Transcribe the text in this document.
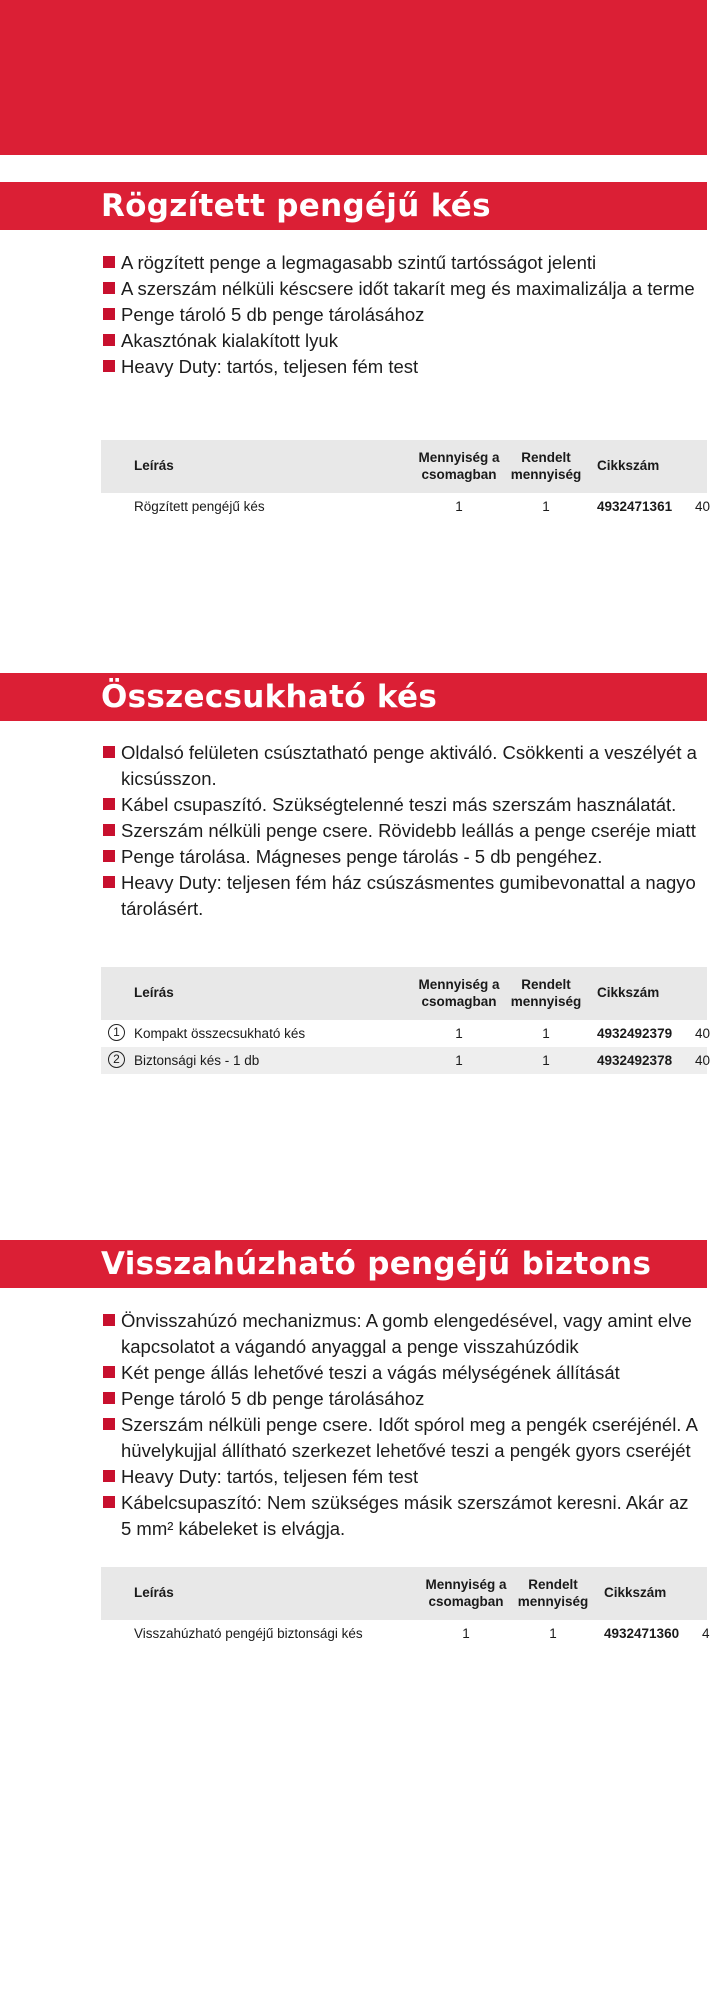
Rögzített pengéjű kés
A rögzített penge a legmagasabb szintű tartósságot jelenti
A szerszám nélküli késcsere időt takarít meg és maximalizálja a terme
Penge tároló 5 db penge tárolásához
Akasztónak kialakított lyuk
Heavy Duty: tartós, teljesen fém test
Leírás
Mennyiség a
csomagban
Rendelt
mennyiség
Cikkszám
Rögzített pengéjű kés	1	1	4932471361 40
Összecsukható kés
Oldalsó felületen csúsztatható penge aktiváló. Csökkenti a veszélyét a
kicsússzon.
Kábel csupaszító. Szükségtelenné teszi más szerszám használatát.
Szerszám nélküli penge csere. Rövidebb leállás a penge cseréje miatt
Penge tárolása. Mágneses penge tárolás - 5 db pengéhez.
Heavy Duty: teljesen fém ház csúszásmentes gumibevonattal a nagyo
tárolásért.
Leírás
Mennyiség a
csomagban
Rendelt
mennyiség
Cikkszám
1	Kompakt összecsukható kés	1	1	4932492379 40
2	Biztonsági kés - 1 db	1	1	4932492378 40
Visszahúzható pengéjű biztons
Önvisszahúzó mechanizmus: A gomb elengedésével, vagy amint elve
kapcsolatot a vágandó anyaggal a penge visszahúzódik
Két penge állás lehetővé teszi a vágás mélységének állítását
Penge tároló 5 db penge tárolásához
Szerszám nélküli penge csere. Időt spórol meg a pengék cseréjénél. A
hüvelykujjal állítható szerkezet lehetővé teszi a pengék gyors cseréjét
Heavy Duty: tartós, teljesen fém test
Kábelcsupaszító: Nem szükséges másik szerszámot keresni. Akár az
5 mm² kábeleket is elvágja.
Leírás
Mennyiség a
csomagban
Rendelt
mennyiség
Cikkszám
Visszahúzható pengéjű biztonsági kés	1	1	4932471360 4
